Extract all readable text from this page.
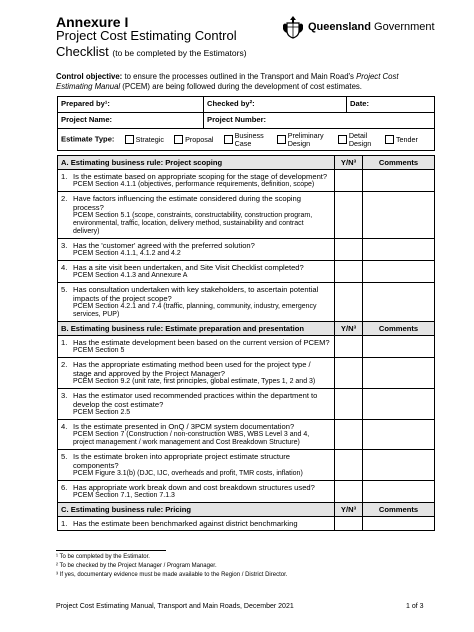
Annexure I
Project Cost Estimating Control
Checklist (to be completed by the Estimators)
Queensland Government
Control objective: to ensure the processes outlined in the Transport and Main Road's Project Cost Estimating Manual (PCEM) are being followed during the development of cost estimates.
Prepared by¹:	Checked by²:	Date:
Project Name:	Project Number:	
Estimate Type: Strategic Proposal Business Case Preliminary Design Detail Design Tender		
A. Estimating business rule: Project scoping	Y/N³	Comments

1. Is the estimate based on appropriate scoping for the stage of development?
PCEM Section 4.1.1 (objectives, performance requirements, definition, scope)		

2. Have factors influencing the estimate considered during the scoping process?
PCEM Section 5.1 (scope, constraints, constructability, construction program, environmental, traffic, location, delivery method, sustainability and contract delivery)		

3. Has the 'customer' agreed with the preferred solution?
PCEM Section 4.1.1, 4.1.2 and 4.2		

4. Has a site visit been undertaken, and Site Visit Checklist completed?
PCEM Section 4.1.3 and Annexure A		

5. Has consultation undertaken with key stakeholders, to ascertain potential impacts of the project scope?
PCEM Section 4.2.1 and 7.4 (traffic, planning, community, industry, emergency services, PUP)		

B. Estimating business rule: Estimate preparation and presentation	Y/N³	Comments

1. Has the estimate development been based on the current version of PCEM?
PCEM Section 5		

2. Has the appropriate estimating method been used for the project type / stage and approved by the Project Manager?
PCEM Section 9.2 (unit rate, first principles, global estimate, Types 1, 2 and 3)		

3. Has the estimator used recommended practices within the department to develop the cost estimate?
PCEM Section 2.5		

4. Is the estimate presented in OnQ / 3PCM system documentation?
PCEM Section 7 (Construction / non-construction WBS, WBS Level 3 and 4, project management / work management and Cost Breakdown Structure)		

5. Is the estimate broken into appropriate project estimate structure components?
PCEM Figure 3.1(b) (DJC, IJC, overheads and profit, TMR costs, inflation)		

6. Has appropriate work break down and cost breakdown structures used?
PCEM Section 7.1, Section 7.1.3		

C. Estimating business rule: Pricing	Y/N³	Comments

1. Has the estimate been benchmarked against district benchmarking		

¹ To be completed by the Estimator.
² To be checked by the Project Manager / Program Manager.
³ If yes, documentary evidence must be made available to the Region / District Director.
Project Cost Estimating Manual, Transport and Main Roads, December 2021	1 of 3
